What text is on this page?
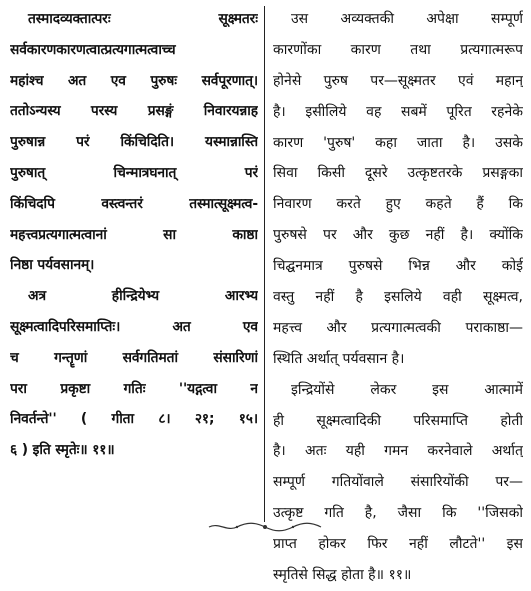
तस्मादव्यक्तात्परः सूक्ष्मतरः
सर्वकारणकारणत्वात्प्रत्यगात्मत्वाच्च
महांश्च अत एव पुरुषः सर्वपूरणात्।
ततोऽन्यस्य परस्य प्रसङ्गं निवारयन्नाह
पुरुषान्न परं किंचिदिति। यस्मान्नास्ति
पुरुषात् चिन्मात्रघनात् परं
किंचिदपि वस्त्वन्तरं तस्मात्सूक्ष्मत्व-
महत्त्वप्रत्यगात्मत्वानां सा काष्ठा
निष्ठा पर्यवसानम्।
अत्र हीन्द्रियेभ्य आरभ्य
सूक्ष्मत्वादिपरिसमाप्तिः। अत एव
च गन्तॄणां सर्वगतिमतां संसारिणां
परा प्रकृष्टा गतिः ''यद्गत्वा न
निवर्तन्ते'' ( गीता ८। २१; १५।
६ ) इति स्मृतेः॥ ११॥
उस अव्यक्तकी अपेक्षा सम्पूर्ण
कारणोंका कारण तथा प्रत्यगात्मरूप
होनेसे पुरुष पर—सूक्ष्मतर एवं महान्
है। इसीलिये वह सबमें पूरित रहनेके
कारण 'पुरुष' कहा जाता है। उसके
सिवा किसी दूसरे उत्कृष्टतरके प्रसङ्गका
निवारण करते हुए कहते हैं कि
पुरुषसे पर और कुछ नहीं है। क्योंकि
चिद्घनमात्र पुरुषसे भिन्न और कोई
वस्तु नहीं है इसलिये वही सूक्ष्मत्व,
महत्त्व और प्रत्यगात्मत्वकी पराकाष्ठा—
स्थिति अर्थात् पर्यवसान है।
इन्द्रियोंसे लेकर इस आत्मामें
ही सूक्ष्मत्वादिकी परिसमाप्ति होती
है। अतः यही गमन करनेवाले अर्थात्
सम्पूर्ण गतियोंवाले संसारियोंकी पर—
उत्कृष्ट गति है, जैसा कि ''जिसको
प्राप्त होकर फिर नहीं लौटते'' इस
स्मृतिसे सिद्ध होता है॥ ११॥
